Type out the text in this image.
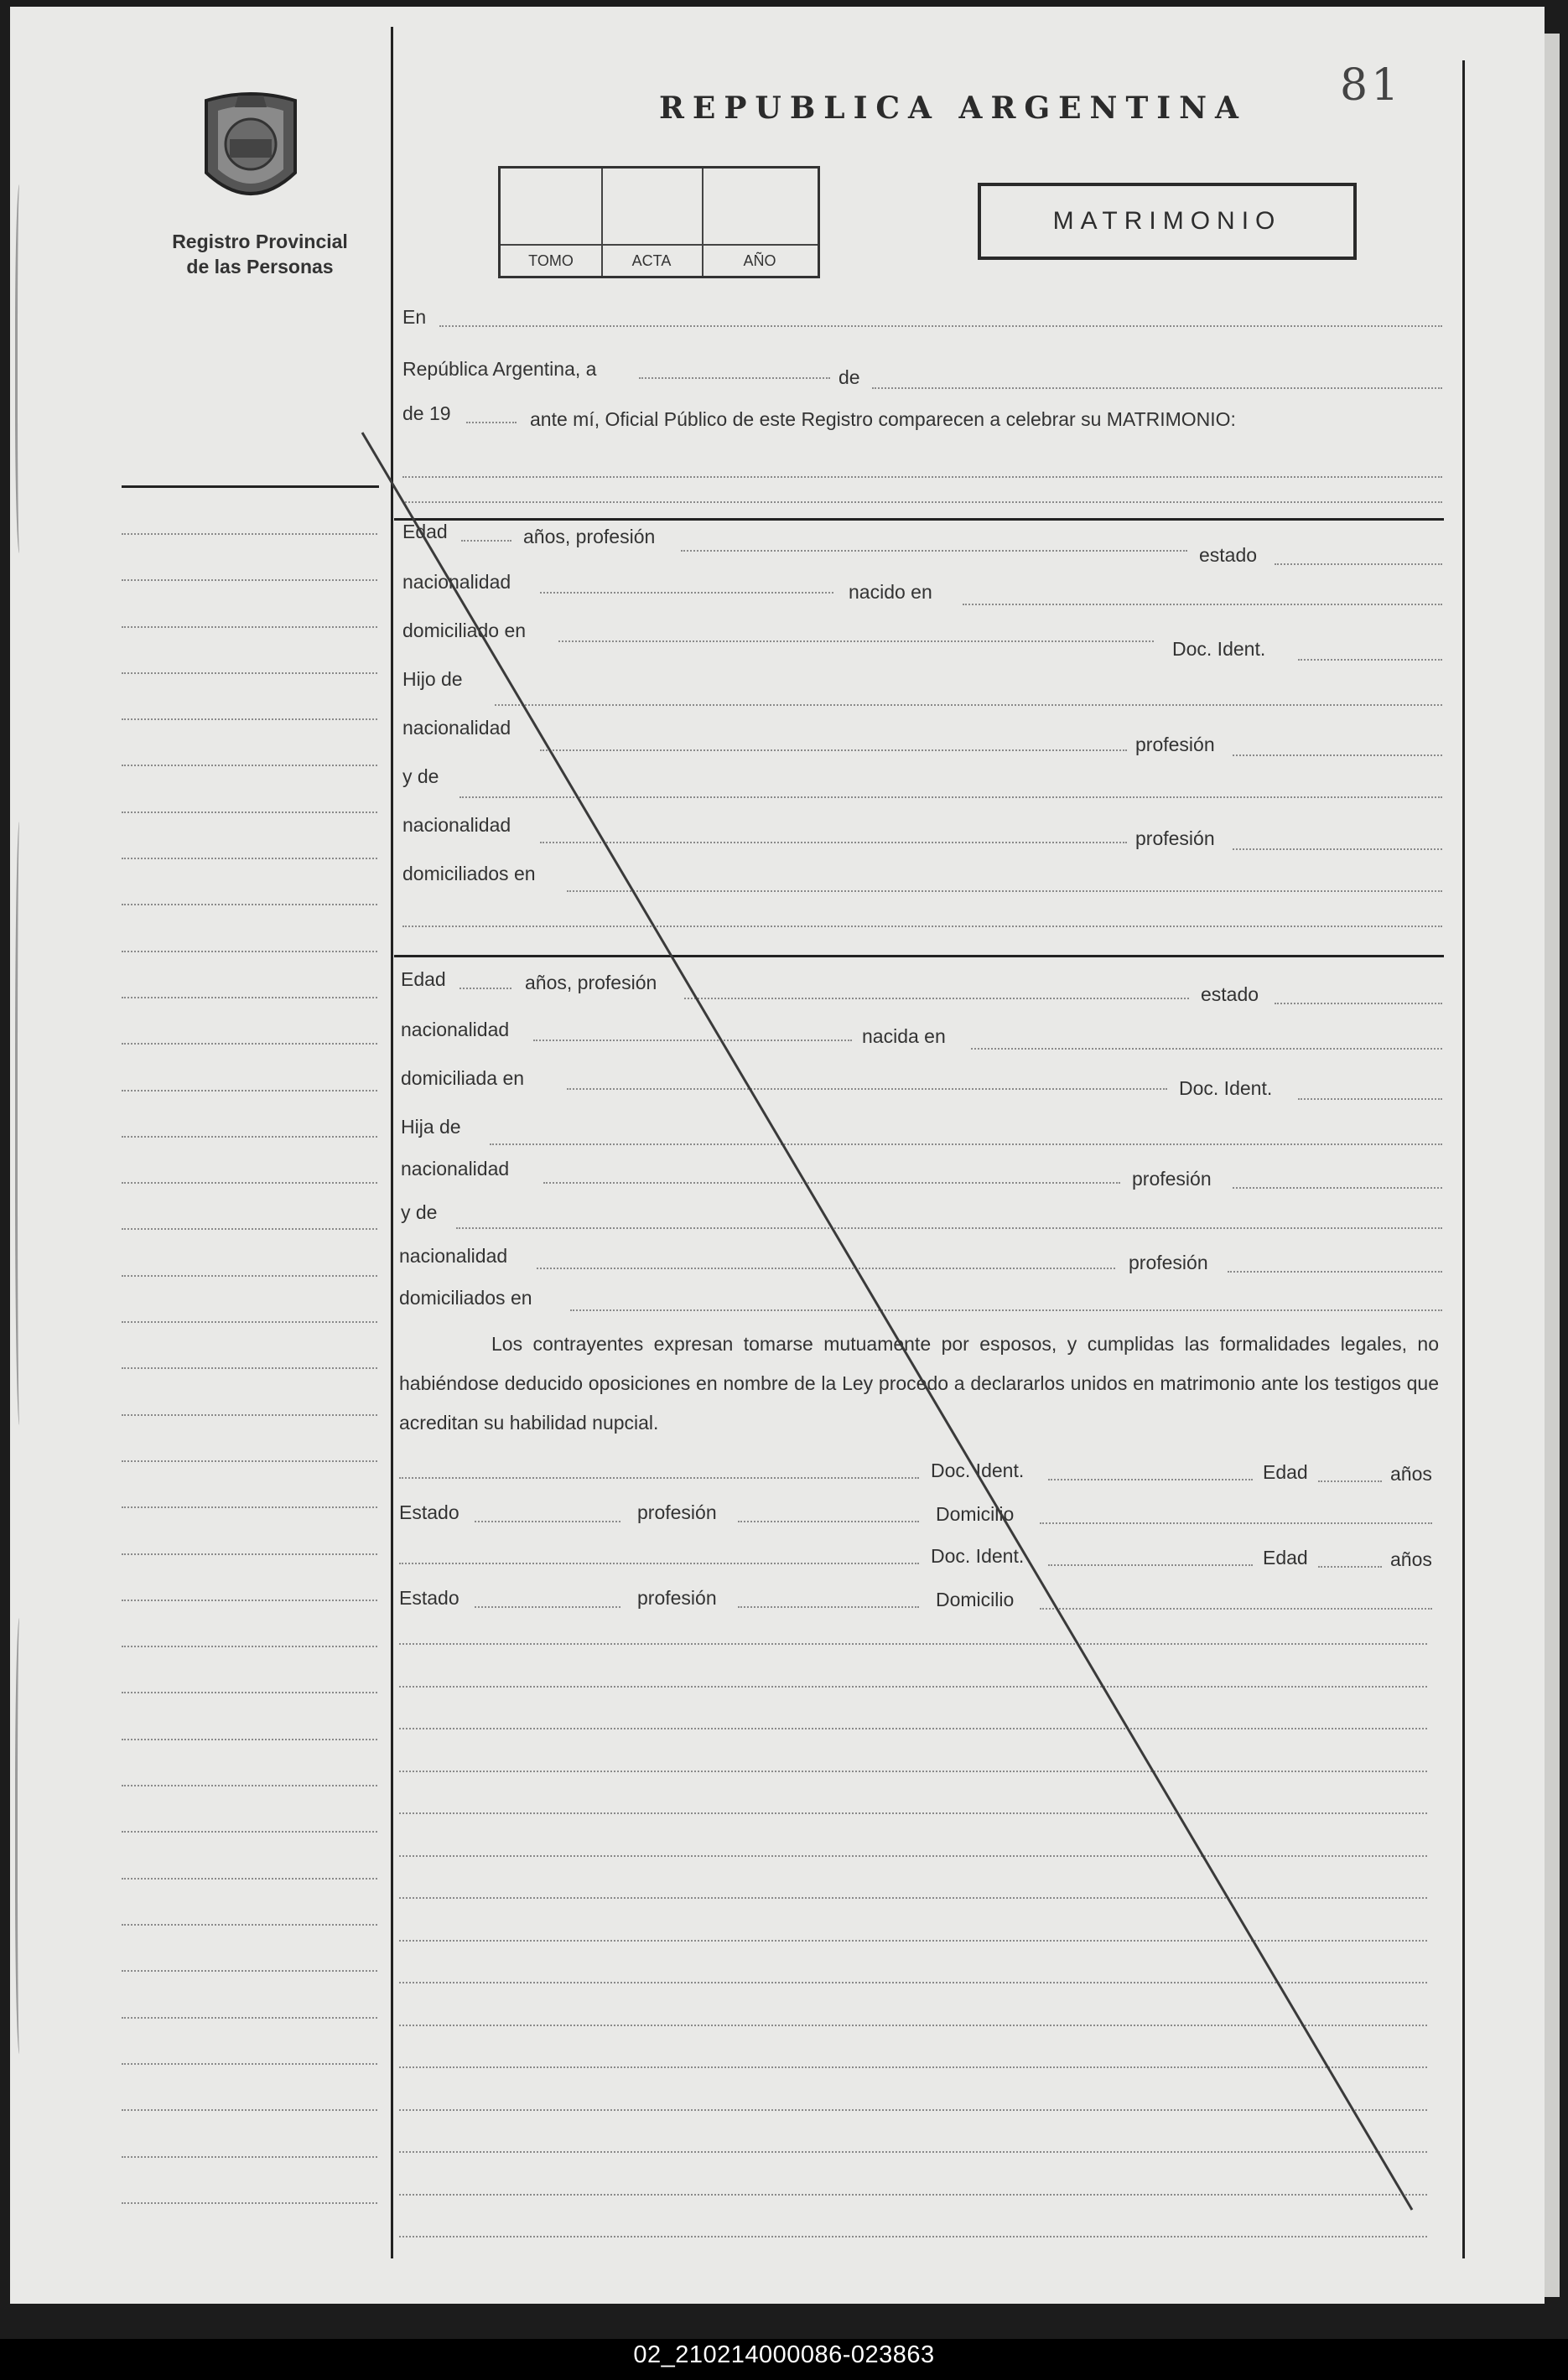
Registro Provincial
de las Personas
REPUBLICA ARGENTINA 81
TOMO	ACTA	AÑO
MATRIMONIO
En
República Argentina, a	de
de 19	ante mí, Oficial Público de este Registro comparecen a celebrar su MATRIMONIO:
Edad	años, profesión
estado
nacionalidad	nacido en
domiciliado en
Doc. Ident.
Hijo de
nacionalidad
profesión
y de
nacionalidad
profesión
domiciliados en
Edad	años, profesión
estado
nacionalidad	nacida en
domiciliada en	Doc. Ident.
Hija de
nacionalidad	profesión
y de
nacionalidad	profesión
domiciliados en
Los contrayentes expresan tomarse mutuamente por esposos, y cumplidas las formalidades legales, no habiéndose deducido oposiciones en nombre de la Ley procedo a declararlos unidos en matrimonio ante los testigos que acreditan su habilidad nupcial.
Doc. Ident.	Edad	años
Estado	profesión	Domicilio
Doc. Ident.	Edad	años
Estado	profesión	Domicilio
02_210214000086-023863
